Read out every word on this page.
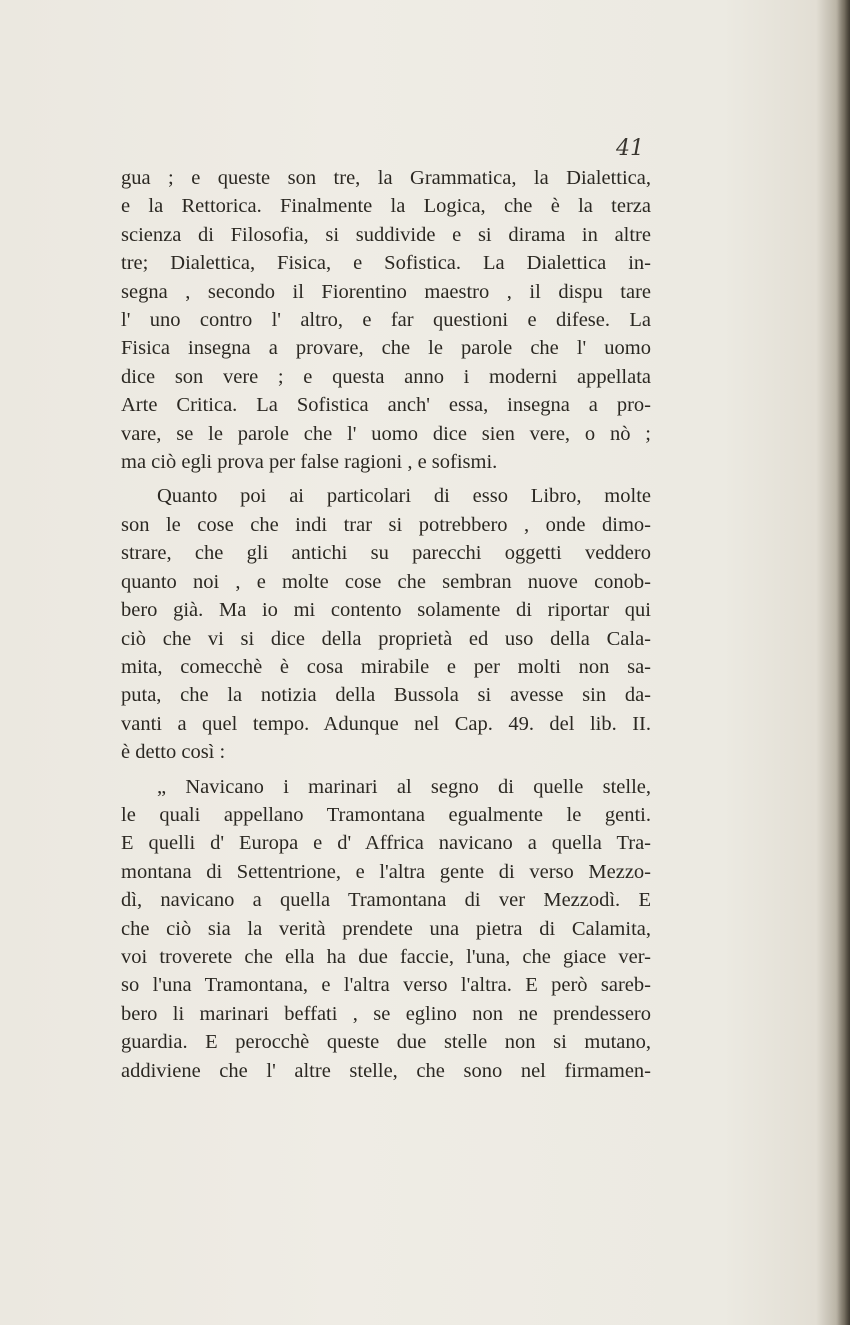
41
gua ; e queste son tre, la Grammatica, la Dialettica,
e la Rettorica. Finalmente la Logica, che è la terza
scienza di Filosofia, si suddivide e si dirama in altre
tre; Dialettica, Fisica, e Sofistica. La Dialettica in-
segna , secondo il Fiorentino maestro , il dispu tare
l' uno contro l' altro, e far questioni e difese. La
Fisica insegna a provare, che le parole che l' uomo
dice son vere ; e questa anno i moderni appellata
Arte Critica. La Sofistica anch' essa, insegna a pro-
vare, se le parole che l' uomo dice sien vere, o nò ;
ma ciò egli prova per false ragioni , e sofismi.
Quanto poi ai particolari di esso Libro, molte
son le cose che indi trar si potrebbero , onde dimo-
strare, che gli antichi su parecchi oggetti veddero
quanto noi , e molte cose che sembran nuove conob-
bero già. Ma io mi contento solamente di riportar qui
ciò che vi si dice della proprietà ed uso della Cala-
mita, comecchè è cosa mirabile e per molti non sa-
puta, che la notizia della Bussola si avesse sin da-
vanti a quel tempo. Adunque nel Cap. 49. del lib. II.
è detto così :
„ Navicano i marinari al segno di quelle stelle,
le quali appellano Tramontana egualmente le genti.
E quelli d' Europa e d' Affrica navicano a quella Tra-
montana di Settentrione, e l'altra gente di verso Mezzo-
dì, navicano a quella Tramontana di ver Mezzodì. E
che ciò sia la verità prendete una pietra di Calamita,
voi troverete che ella ha due faccie, l'una, che giace ver-
so l'una Tramontana, e l'altra verso l'altra. E però sareb-
bero li marinari beffati , se eglino non ne prendessero
guardia. E perocchè queste due stelle non si mutano,
addiviene che l' altre stelle, che sono nel firmamen-
